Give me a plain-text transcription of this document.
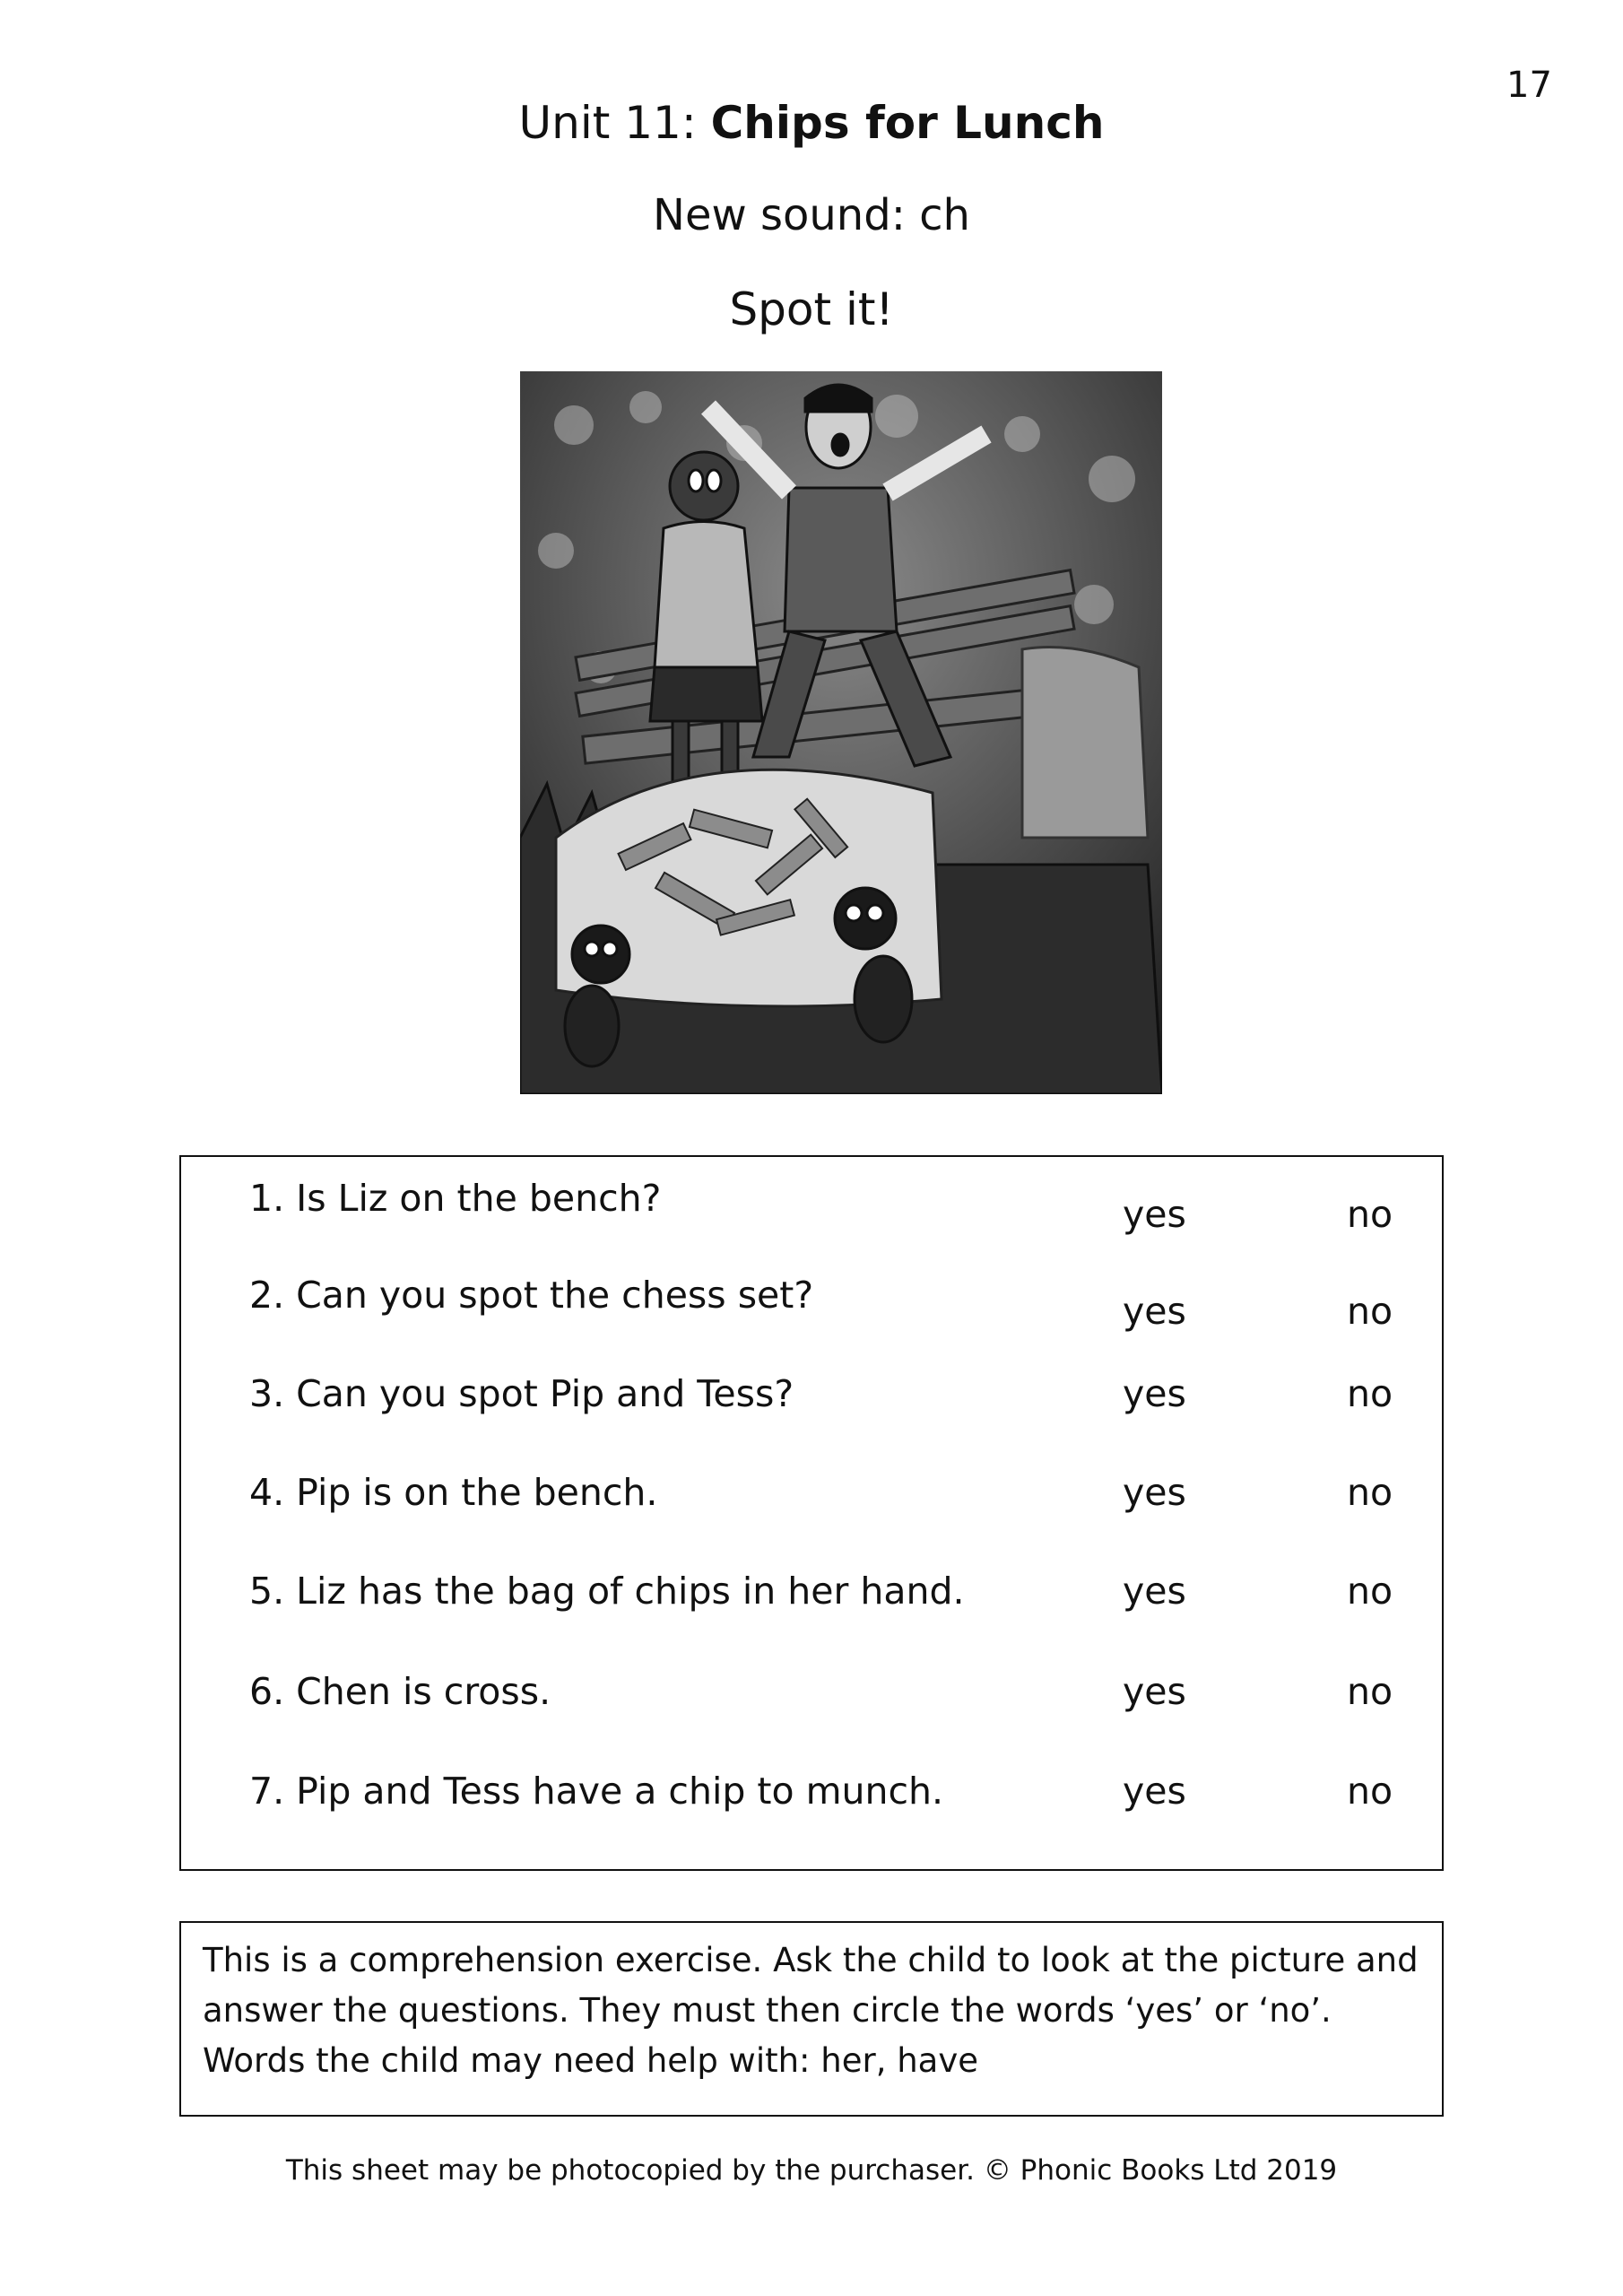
17
Unit 11: Chips for Lunch
New sound: ch
Spot it!
1. Is Liz on the bench?	yes	no
2. Can you spot the chess set?	yes	no
3. Can you spot Pip and Tess?	yes	no
4. Pip is on the bench.	yes	no
5. Liz has the bag of chips in her hand.	yes	no
6. Chen is cross.	yes	no
7. Pip and Tess have a chip to munch.	yes	no
This is a comprehension exercise. Ask the child to look at the picture and
answer the questions. They must then circle the words ‘yes’ or ‘no’.
Words the child may need help with: her, have
This sheet may be photocopied by the purchaser. © Phonic Books Ltd 2019
